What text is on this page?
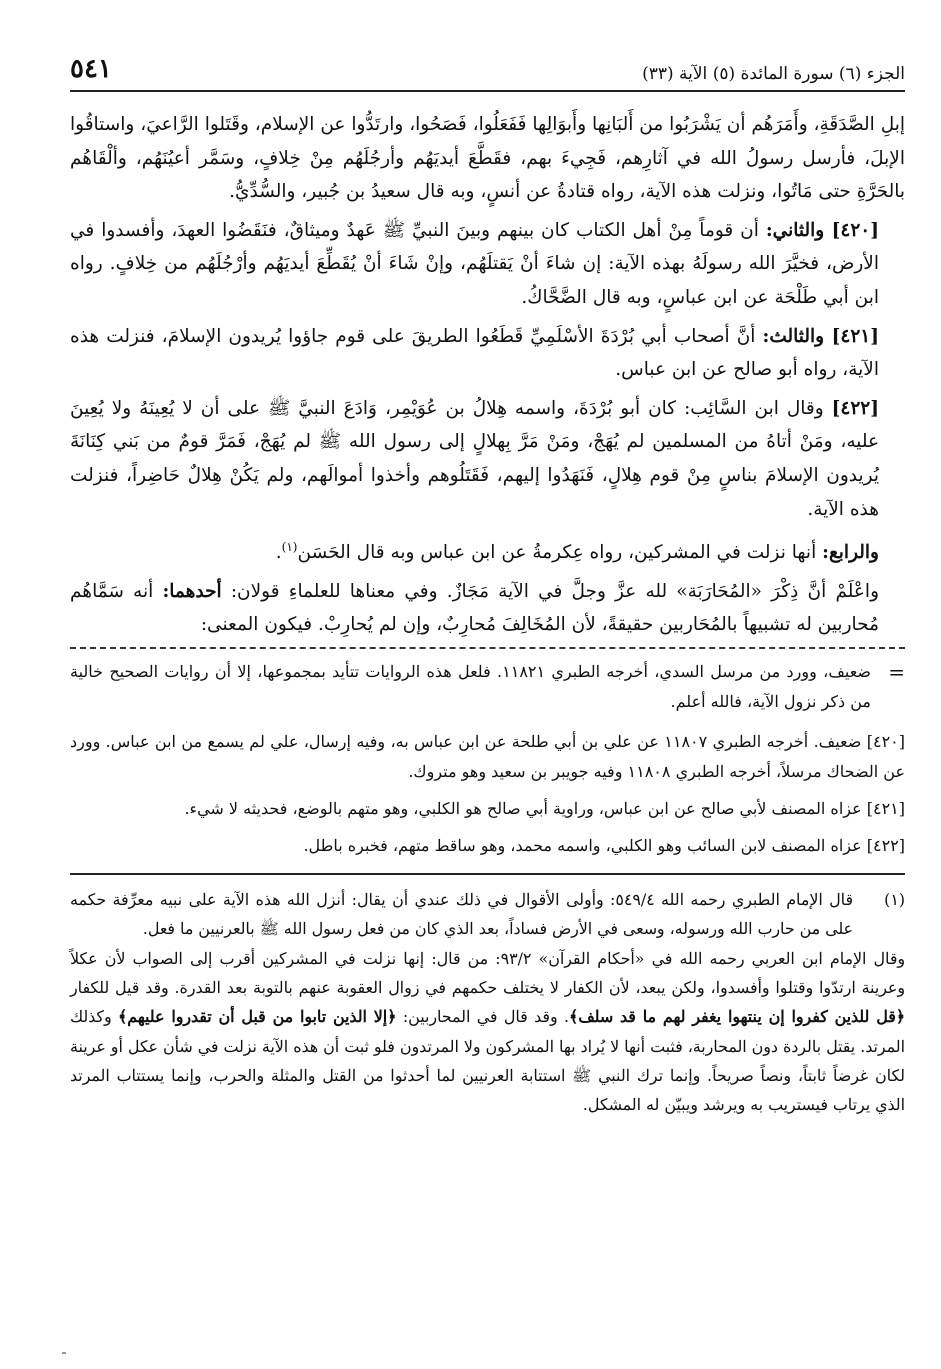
الجزء (٦) سورة المائدة (٥) الآية (٣٣)
٥٤١

إبلِ الصَّدَقَةِ، وأَمَرَهُم أن يَشْرَبُوا من أَلبَانِها وأَبوَالِها فَفَعَلُوا، فَصَحُوا، وارتَدُّوا عن الإسلام، وقَتَلوا الرَّاعيَ، واستاقُوا الإبلَ، فأرسل رسولُ الله في آثارِهم، فَجِيءَ بهم، فقَطَّعَ أيديَهُم وأرجُلَهُم مِنْ خِلافٍ، وسَمَّر أعيُنَهُم، وألْقَاهُم بالحَرَّةِ حتى مَاتُوا، ونزلت هذه الآية، رواه قتادةُ عن أنسٍ، وبه قال سعيدُ بن جُبير، والسُّدِّيُّ.

[٤٢٠] والثاني: أن قوماً مِنْ أهل الكتاب كان بينهم وبينَ النبيِّ ﷺ عَهدٌ وميثاقٌ، فنَقَضُوا العهدَ، وأفسدوا في الأرض، فخيَّرَ الله رسولَهُ بهذه الآية: إن شاءَ أنْ يَقتلَهُم، وإنْ شَاءَ أنْ يُقَطِّعَ أيديَهُم وأرْجُلَهُم من خِلافٍ. رواه ابن أبي طَلْحَة عن ابن عباسٍ، وبه قال الضَّحَّاكُ.

[٤٢١] والثالث: أنَّ أصحاب أبي بُرْدَةَ الأسْلَمِيِّ قَطَعُوا الطريقَ على قوم جاؤوا يُريدون الإسلامَ، فنزلت هذه الآية، رواه أبو صالح عن ابن عباس.

[٤٢٢] وقال ابن السَّائِب: كان أبو بُرْدَةَ، واسمه هِلالُ بن عُوَيْمِر، وَادَعَ النبيَّ ﷺ على أن لا يُعِينَهُ ولا يُعِينَ عليه، ومَنْ أتاهُ من المسلمين لم يُهَجْ، ومَنْ مَرَّ بِهلالٍ إلى رسول الله ﷺ لم يُهَجْ، فَمَرَّ قومٌ من بَني كِنَانَةَ يُريدون الإسلامَ بناسٍ مِنْ قوم هِلالٍ، فَنَهَدُوا إليهم، فَقَتَلُوهم وأخذوا أموالَهم، ولم يَكُنْ هِلالٌ حَاضِراً، فنزلت هذه الآية.

والرابع: أنها نزلت في المشركين، رواه عِكرمةُ عن ابن عباس وبه قال الحَسَن$^{(١)}$.

واعْلَمْ أنَّ ذِكْرَ «المُحَارَبَة» لله عزَّ وجلَّ في الآية مَجَازٌ. وفي معناها للعلماءِ قولان: أحدهما: أنه سَمَّاهُم مُحاربين له تشبيهاً بالمُحَاربين حقيقةً، لأن المُخَالِفَ مُحارِبٌ، وإن لم يُحارِبْ. فيكون المعنى:

=
ضعيف، وورد من مرسل السدي، أخرجه الطبري ١١٨٢١. فلعل هذه الروايات تتأيد بمجموعها، إلا أن روايات الصحيح خالية من ذكر نزول الآية، فالله أعلم.

[٤٢٠] ضعيف. أخرجه الطبري ١١٨٠٧ عن علي بن أبي طلحة عن ابن عباس به، وفيه إرسال، علي لم يسمع من ابن عباس. وورد عن الضحاك مرسلاً، أخرجه الطبري ١١٨٠٨ وفيه جويبر بن سعيد وهو متروك.

[٤٢١] عزاه المصنف لأبي صالح عن ابن عباس، وراوية أبي صالح هو الكلبي، وهو متهم بالوضع، فحديثه لا شيء.

[٤٢٢] عزاه المصنف لابن السائب وهو الكلبي، واسمه محمد، وهو ساقط متهم، فخبره باطل.

(١)
قال الإمام الطبري رحمه الله ٥٤٩/٤: وأولى الأقوال في ذلك عندي أن يقال: أنزل الله هذه الآية على نبيه معرِّفة حكمه على من حارب الله ورسوله، وسعى في الأرض فساداً، بعد الذي كان من فعل رسول الله ﷺ بالعرنيين ما فعل.

وقال الإمام ابن العربي رحمه الله في «أحكام القرآن» ٩٣/٢: من قال: إنها نزلت في المشركين أقرب إلى الصواب لأن عكلاً وعرينة ارتدّوا وقتلوا وأفسدوا، ولكن يبعد، لأن الكفار لا يختلف حكمهم في زوال العقوبة عنهم بالتوبة بعد القدرة. وقد قيل للكفار ﴿قل للذين كفروا إن ينتهوا يغفر لهم ما قد سلف﴾. وقد قال في المحاربين: ﴿إلا الذين تابوا من قبل أن تقدروا عليهم﴾ وكذلك المرتد. يقتل بالردة دون المحاربة، فثبت أنها لا يُراد بها المشركون ولا المرتدون فلو ثبت أن هذه الآية نزلت في شأن عكل أو عرينة لكان غرضاً ثابتاً، ونصاً صريحاً. وإنما ترك النبي ﷺ استتابة العرنيين لما أحدثوا من القتل والمثلة والحرب، وإنما يستتاب المرتد الذي يرتاب فيستريب به ويرشد ويبيّن له المشكل.
